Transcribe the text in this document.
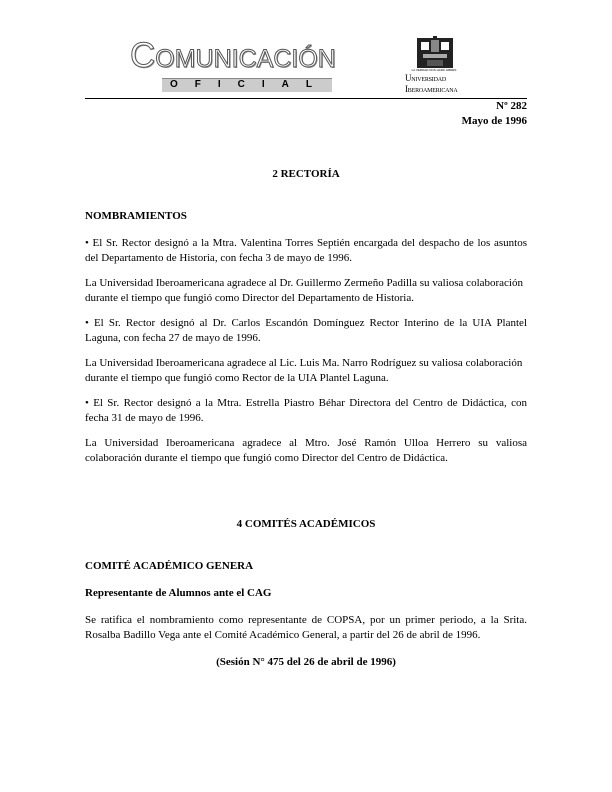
Comunicación
OFICIAL
LA VERDAD NOS HARÁ LIBRES
Universidad
Iberoamericana
Nº 282
Mayo de 1996
2 RECTORÍA
NOMBRAMIENTOS

• El Sr. Rector designó a la Mtra. Valentina Torres Septién encargada del despacho de los asuntos del Departamento de Historia, con fecha 3 de mayo de 1996.

La Universidad Iberoamericana agradece al Dr. Guillermo Zermeño Padilla su valiosa colaboración durante el tiempo que fungió como Director del Departamento de Historia.

• El Sr. Rector designó al Dr. Carlos Escandón Domínguez Rector Interino de la UIA Plantel Laguna, con fecha 27 de mayo de 1996.

La Universidad Iberoamericana agradece al Lic. Luis Ma. Narro Rodríguez su valiosa colaboración durante el tiempo que fungió como Rector de la UIA Plantel Laguna.

• El Sr. Rector designó a la Mtra. Estrella Piastro Béhar Directora del Centro de Didáctica, con fecha 31 de mayo de 1996.

La Universidad Iberoamericana agradece al Mtro. José Ramón Ulloa Herrero su valiosa colaboración durante el tiempo que fungió como Director del Centro de Didáctica.

4 COMITÉS ACADÉMICOS
COMITÉ ACADÉMICO GENERA
Representante de Alumnos ante el CAG

Se ratifica el nombramiento como representante de COPSA, por un primer periodo, a la Srita. Rosalba Badillo Vega ante el Comité Académico General, a partir del 26 de abril de 1996.

(Sesión N° 475 del 26 de abril de 1996)
